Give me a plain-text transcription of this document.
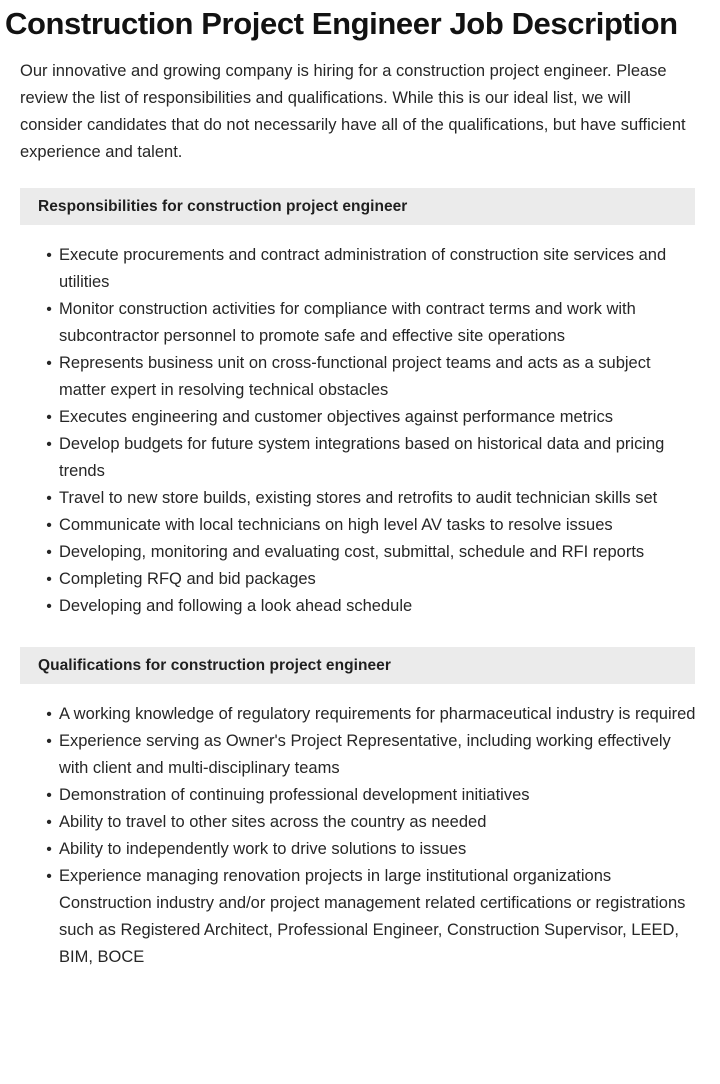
Construction Project Engineer Job Description

Our innovative and growing company is hiring for a construction project engineer. Please review the list of responsibilities and qualifications. While this is our ideal list, we will consider candidates that do not necessarily have all of the qualifications, but have sufficient experience and talent.

Responsibilities for construction project engineer
• Execute procurements and contract administration of construction site services and utilities
• Monitor construction activities for compliance with contract terms and work with subcontractor personnel to promote safe and effective site operations
• Represents business unit on cross-functional project teams and acts as a subject matter expert in resolving technical obstacles
• Executes engineering and customer objectives against performance metrics
• Develop budgets for future system integrations based on historical data and pricing trends
• Travel to new store builds, existing stores and retrofits to audit technician skills set
• Communicate with local technicians on high level AV tasks to resolve issues
• Developing, monitoring and evaluating cost, submittal, schedule and RFI reports
• Completing RFQ and bid packages
• Developing and following a look ahead schedule
Qualifications for construction project engineer
• A working knowledge of regulatory requirements for pharmaceutical industry is required
• Experience serving as Owner's Project Representative, including working effectively with client and multi-disciplinary teams
• Demonstration of continuing professional development initiatives
• Ability to travel to other sites across the country as needed
• Ability to independently work to drive solutions to issues
• Experience managing renovation projects in large institutional organizations Construction industry and/or project management related certifications or registrations such as Registered Architect, Professional Engineer, Construction Supervisor, LEED, BIM, BOCE
